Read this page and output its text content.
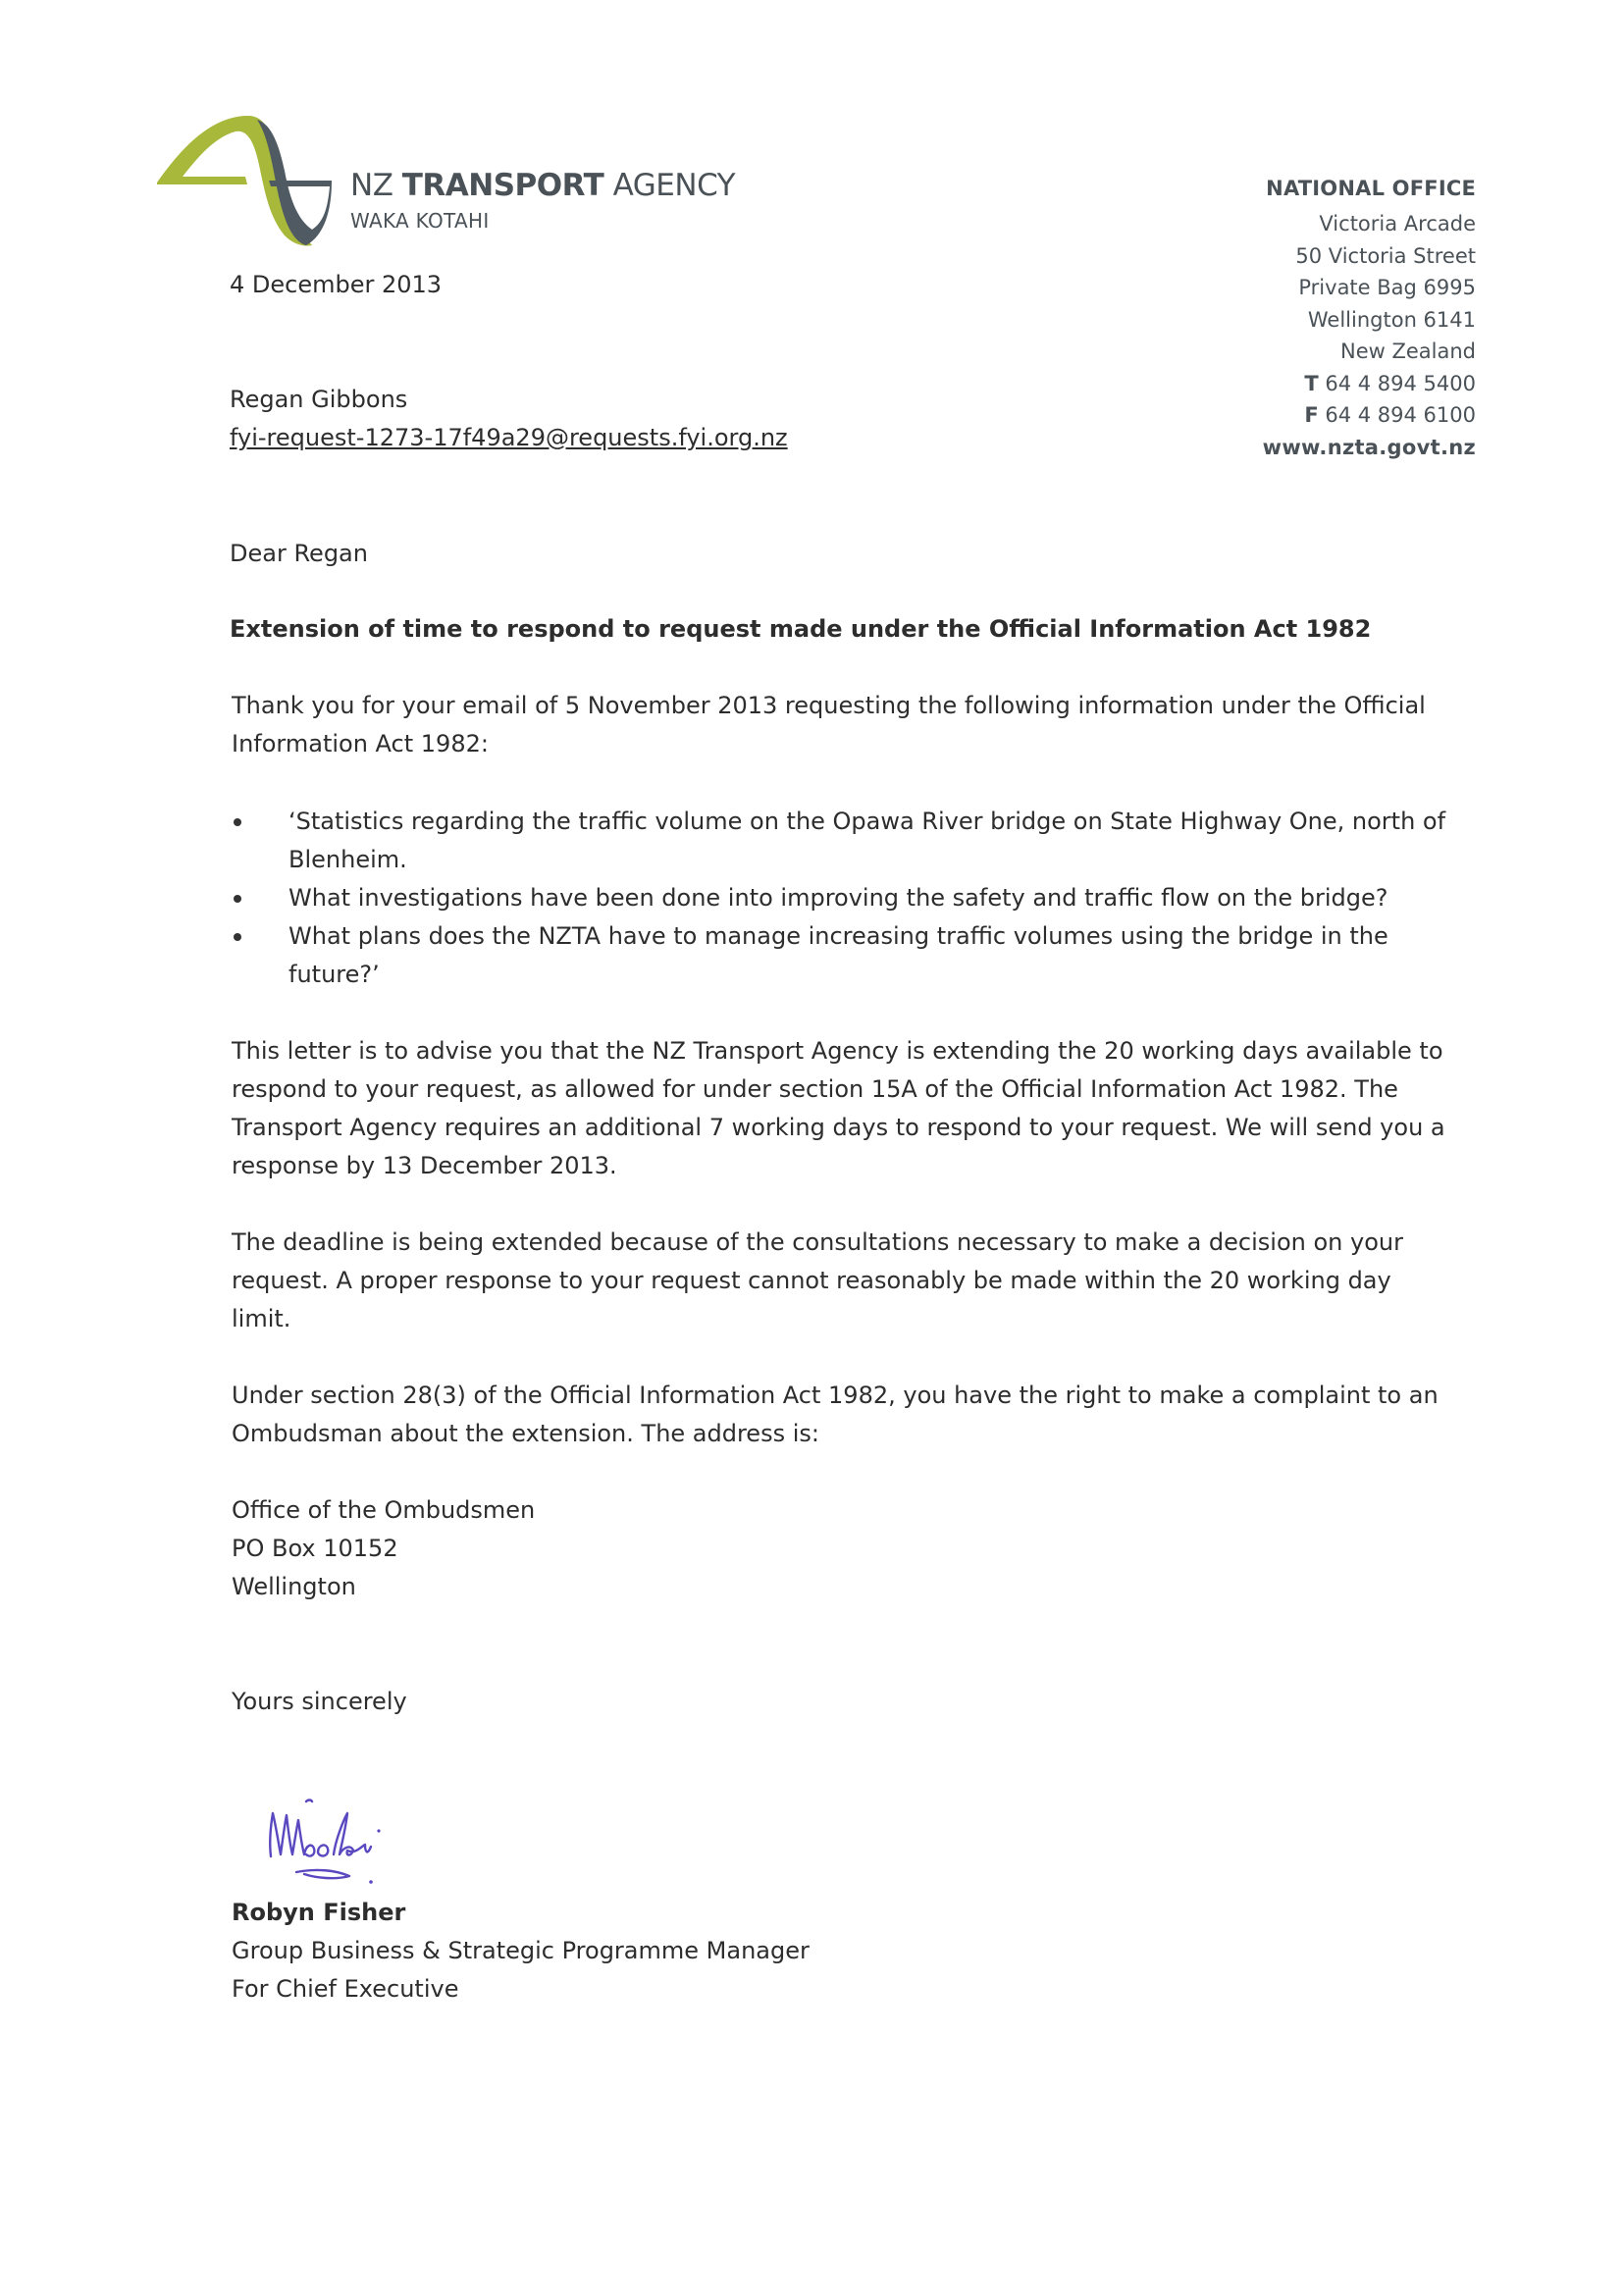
NZ TRANSPORT AGENCY
WAKA KOTAHI
NATIONAL OFFICE
Victoria Arcade
50 Victoria Street
Private Bag 6995
Wellington 6141
New Zealand
T 64 4 894 5400
F 64 4 894 6100
www.nzta.govt.nz
4 December 2013
Regan Gibbons
fyi-request-1273-17f49a29@requests.fyi.org.nz
Dear Regan
Extension of time to respond to request made under the Official Information Act 1982
Thank you for your email of 5 November 2013 requesting the following information under the Official Information Act 1982:
‘Statistics regarding the traffic volume on the Opawa River bridge on State Highway One, north of Blenheim.
What investigations have been done into improving the safety and traffic flow on the bridge?
What plans does the NZTA have to manage increasing traffic volumes using the bridge in the future?’
This letter is to advise you that the NZ Transport Agency is extending the 20 working days available to respond to your request, as allowed for under section 15A of the Official Information Act 1982. The Transport Agency requires an additional 7 working days to respond to your request. We will send you a response by 13 December 2013.
The deadline is being extended because of the consultations necessary to make a decision on your request. A proper response to your request cannot reasonably be made within the 20 working day limit.
Under section 28(3) of the Official Information Act 1982, you have the right to make a complaint to an Ombudsman about the extension. The address is:
Office of the Ombudsmen
PO Box 10152
Wellington
Yours sincerely
Robyn Fisher
Group Business & Strategic Programme Manager
For Chief Executive
